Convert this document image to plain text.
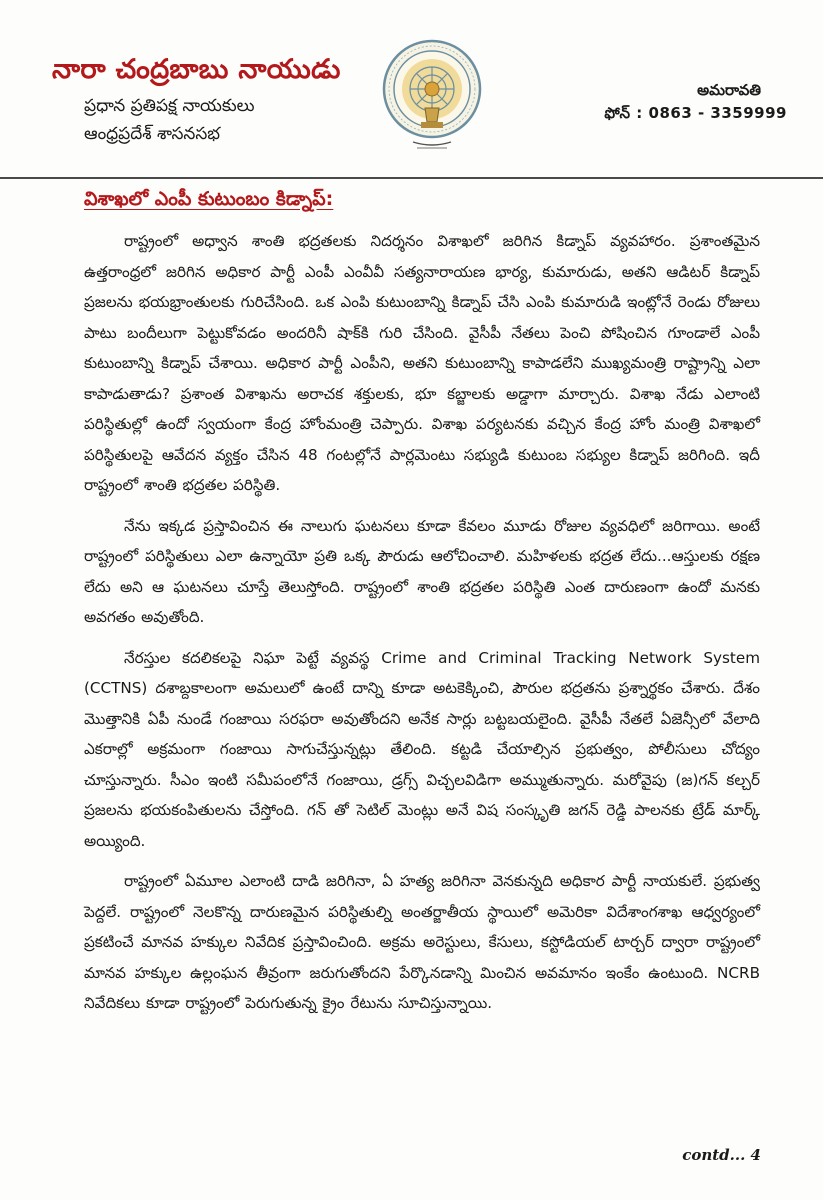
నారా చంద్రబాబు నాయుడు
ప్రధాన ప్రతిపక్ష నాయకులు
ఆంధ్రప్రదేశ్ శాసనసభ
అమరావతి
ఫోన్ : 0863 - 3359999
విశాఖలో ఎంపీ కుటుంబం కిడ్నాప్:

రాష్ట్రంలో అధ్వాన శాంతి భద్రతలకు నిదర్శనం విశాఖలో జరిగిన కిడ్నాప్ వ్యవహారం. ప్రశాంతమైన ఉత్తరాంధ్రలో జరిగిన అధికార పార్టీ ఎంపీ ఎంవీవీ సత్యనారాయణ భార్య, కుమారుడు, అతని ఆడిటర్ కిడ్నాప్ ప్రజలను భయభ్రాంతులకు గురిచేసింది. ఒక ఎంపి కుటుంబాన్ని కిడ్నాప్ చేసి ఎంపి కుమారుడి ఇంట్లోనే రెండు రోజులు పాటు బందీలుగా పెట్టుకోవడం అందరినీ షాక్‌కి గురి చేసింది. వైసీపీ నేతలు పెంచి పోషించిన గూండాలే ఎంపీ కుటుంబాన్ని కిడ్నాప్ చేశాయి. అధికార పార్టీ ఎంపీని, అతని కుటుంబాన్ని కాపాడలేని ముఖ్యమంత్రి రాష్ట్రాన్ని ఎలా కాపాడుతాడు? ప్రశాంత విశాఖను అరాచక శక్తులకు, భూ కబ్జాలకు అడ్డాగా మార్చారు. విశాఖ నేడు ఎలాంటి పరిస్థితుల్లో ఉందో స్వయంగా కేంద్ర హోంమంత్రి చెప్పారు. విశాఖ పర్యటనకు వచ్చిన కేంద్ర హోం మంత్రి విశాఖలో పరిస్థితులపై ఆవేదన వ్యక్తం చేసిన 48 గంటల్లోనే పార్లమెంటు సభ్యుడి కుటుంబ సభ్యుల కిడ్నాప్ జరిగింది. ఇదీ రాష్ట్రంలో శాంతి భద్రతల పరిస్థితి.

నేను ఇక్కడ ప్రస్తావించిన ఈ నాలుగు ఘటనలు కూడా కేవలం మూడు రోజుల వ్యవధిలో జరిగాయి. అంటే రాష్ట్రంలో పరిస్థితులు ఎలా ఉన్నాయో ప్రతి ఒక్క పౌరుడు ఆలోచించాలి. మహిళలకు భద్రత లేదు...ఆస్తులకు రక్షణ లేదు అని ఆ ఘటనలు చూస్తే తెలుస్తోంది. రాష్ట్రంలో శాంతి భద్రతల పరిస్థితి ఎంత దారుణంగా ఉందో మనకు అవగతం అవుతోంది.

నేరస్తుల కదలికలపై నిఘా పెట్టే వ్యవస్థ Crime and Criminal Tracking Network System (CCTNS) దశాబ్దకాలంగా అమలులో ఉంటే దాన్ని కూడా అటకెక్కించి, పౌరుల భద్రతను ప్రశ్నార్థకం చేశారు. దేశం మొత్తానికి ఏపీ నుండే గంజాయి సరఫరా అవుతోందని అనేక సార్లు బట్టబయలైంది. వైసీపీ నేతలే ఏజెన్సీలో వేలాది ఎకరాల్లో అక్రమంగా గంజాయి సాగుచేస్తున్నట్లు తేలింది. కట్టడి చేయాల్సిన ప్రభుత్వం, పోలీసులు చోద్యం చూస్తున్నారు. సీఎం ఇంటి సమీపంలోనే గంజాయి, డ్రగ్స్ విచ్చలవిడిగా అమ్ముతున్నారు. మరోవైపు (జ)గన్ కల్చర్ ప్రజలను భయకంపితులను చేస్తోంది. గన్ తో సెటిల్ మెంట్లు అనే విష సంస్కృతి జగన్ రెడ్డి పాలనకు ట్రేడ్ మార్క్ అయ్యింది.

రాష్ట్రంలో ఏమూల ఎలాంటి దాడి జరిగినా, ఏ హత్య జరిగినా వెనకున్నది అధికార పార్టీ నాయకులే. ప్రభుత్వ పెద్దలే. రాష్ట్రంలో నెలకొన్న దారుణమైన పరిస్థితుల్ని అంతర్జాతీయ స్థాయిలో అమెరికా విదేశాంగశాఖ ఆధ్వర్యంలో ప్రకటించే మానవ హక్కుల నివేదిక ప్రస్తావించింది. అక్రమ అరెస్టులు, కేసులు, కస్టోడియల్ టార్చర్ ద్వారా రాష్ట్రంలో మానవ హక్కుల ఉల్లంఘన తీవ్రంగా జరుగుతోందని పేర్కొనడాన్ని మించిన అవమానం ఇంకేం ఉంటుంది. NCRB నివేదికలు కూడా రాష్ట్రంలో పెరుగుతున్న క్రైం రేటును సూచిస్తున్నాయి.

contd... 4
